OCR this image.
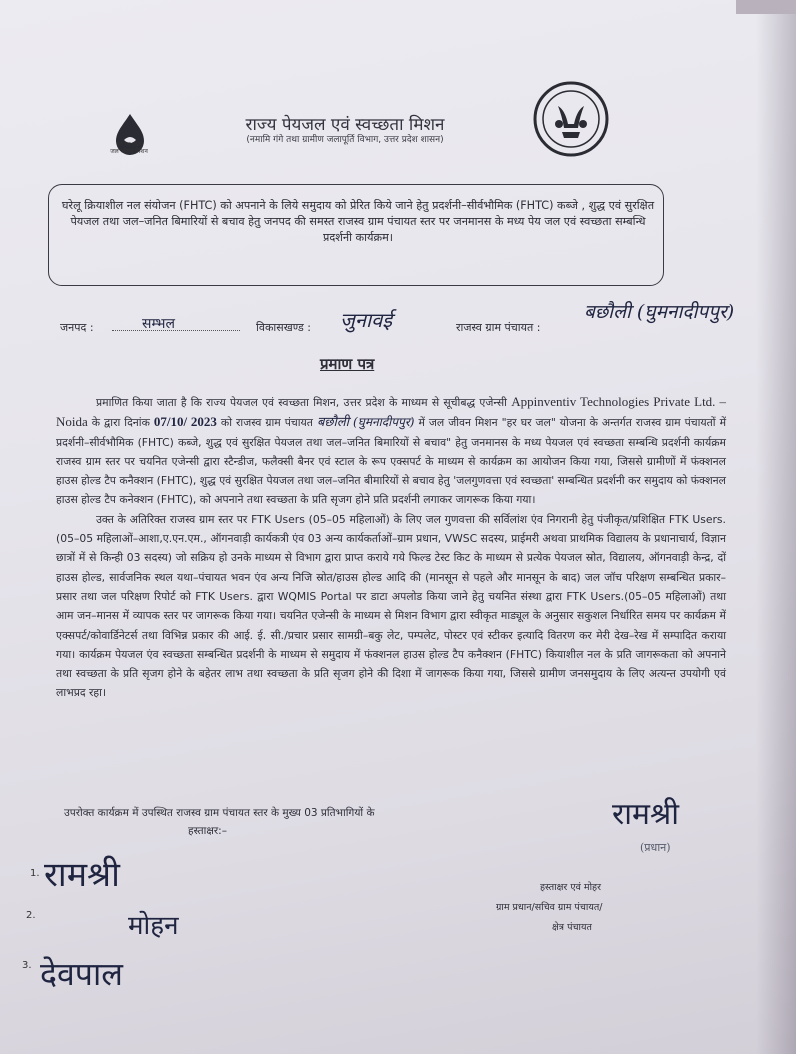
हर घर जल
जल जीवन मिशन
राज्य पेयजल एवं स्वच्छता मिशन
(नमामि गंगे तथा ग्रामीण जलापूर्ति विभाग, उत्तर प्रदेश शासन)
घरेलू क्रियाशील नल संयोजन (FHTC) को अपनाने के लिये समुदाय को प्रेरित किये जाने हेतु प्रदर्शनी–सीर्वभौमिक (FHTC) कब्जे , शुद्ध एवं सुरक्षित पेयजल तथा जल–जनित बिमारियों से बचाव हेतु जनपद की समस्त राजस्व ग्राम पंचायत स्तर पर जनमानस के मध्य पेय जल एवं स्वच्छता सम्बन्धि प्रदर्शनी कार्यक्रम।
जनपद :	सम्भल	विकासखण्ड : जुनावई	राजस्व ग्राम पंचायत :
बछौली (घुमनादीपपुर)
प्रमाण पत्र

प्रमाणित किया जाता है कि राज्य पेयजल एवं स्वच्छता मिशन, उत्तर प्रदेश के माध्यम से सूचीबद्ध एजेन्सी Appinventiv Technologies Private Ltd. – Noida के द्वारा दिनांक 07/10/ 2023 को राजस्व ग्राम पंचायत बछौली (घुमनादीपपुर) में जल जीवन मिशन "हर घर जल" योजना के अन्तर्गत राजस्व ग्राम पंचायतों में प्रदर्शनी–सीर्वभौमिक (FHTC) कब्जे, शुद्ध एवं सुरक्षित पेयजल तथा जल–जनित बिमारियों से बचाव" हेतु जनमानस के मध्य पेयजल एवं स्वच्छता सम्बन्धि प्रदर्शनी कार्यक्रम राजस्व ग्राम स्तर पर चयनित एजेन्सी द्वारा स्टैन्डीज, फलैक्सी बैनर एवं स्टाल के रूप एक्सपर्ट के माध्यम से कार्यक्रम का आयोजन किया गया, जिससे ग्रामीणों में फंक्शनल हाउस होल्ड टैप कनैक्शन (FHTC), शुद्ध एवं सुरक्षित पेयजल तथा जल–जनित बीमारियों से बचाव हेतु 'जलगुणवत्ता एवं स्वच्छता' सम्बन्धित प्रदर्शनी कर समुदाय को फंक्शनल हाउस होल्ड टैप कनेक्शन (FHTC), को अपनाने तथा स्वच्छता के प्रति सृजग होने प्रति प्रदर्शनी लगाकर जागरूक किया गया।

उक्त के अतिरिक्त राजस्व ग्राम स्तर पर FTK Users (05–05 महिलाओं) के लिए जल गुणवत्ता की सर्विलांश एंव निगरानी हेतु पंजीकृत/प्रशिक्षित FTK Users.(05–05 महिलाओं–आशा,ए.एन.एम., ऑगनवाड़ी कार्यकत्री एंव 03 अन्य कार्यकर्ताओं–ग्राम प्रधान, VWSC सदस्य, प्राईमरी अथवा प्राथमिक विद्यालय के प्रधानाचार्य, विज्ञान छात्रों में से किन्ही 03 सदस्य) जो सक्रिय हो उनके माध्यम से विभाग द्वारा प्राप्त कराये गये फिल्ड टेस्ट किट के माध्यम से प्रत्येक पेयजल स्रोत, विद्यालय, ऑगनवाड़ी केन्द्र, दों हाउस होल्ड, सार्वजनिक स्थल यथा–पंचायत भवन एंव अन्य निजि स्रोत/हाउस होल्ड आदि की (मानसून से पहले और मानसून के बाद) जल जॉच परिक्षण सम्बन्धित प्रकार–प्रसार तथा जल परिक्षण रिपोर्ट को FTK Users. द्वारा WQMIS Portal पर डाटा अपलोड किया जाने हेतु चयनित संस्था द्वारा FTK Users.(05–05 महिलाओं) तथा आम जन–मानस में व्यापक स्तर पर जागरूक किया गया। चयनित एजेन्सी के माध्यम से मिशन विभाग द्वारा स्वीकृत माड्यूल के अनुसार सकुशल निर्धारित समय पर कार्यक्रम में एक्सपर्ट/कोवार्डिनेटर्स तथा विभिन्न प्रकार की आई. ई. सी./प्रचार प्रसार सामग्री–बकु लेट, पम्पलेट, पोस्टर एवं स्टीकर इत्यादि वितरण कर मेरी देख–रेख में सम्पादित कराया गया। कार्यक्रम पेयजल एंव स्वच्छता सम्बन्धित प्रदर्शनी के माध्यम से समुदाय में फंक्शनल हाउस होल्ड टैप कनैक्शन (FHTC) कियाशील नल के प्रति जागरूकता को अपनाने तथा स्वच्छता के प्रति सृजग होने के बहेतर लाभ तथा स्वच्छता के प्रति सृजग होने की दिशा में जागरूक किया गया, जिससे ग्रामीण जनसमुदाय के लिए अत्यन्त उपयोगी एवं लाभप्रद रहा।

उपरोक्त कार्यक्रम में उपस्थित राजस्व ग्राम पंचायत स्तर के मुख्य 03 प्रतिभागियों के
हस्ताक्षर:–	रामश्री
(प्रधान)
हस्ताक्षर एवं मोहर
ग्राम प्रधान/सचिव ग्राम पंचायत/
क्षेत्र पंचायत
1. रामश्री
2.	मोहन
3. देवपाल
